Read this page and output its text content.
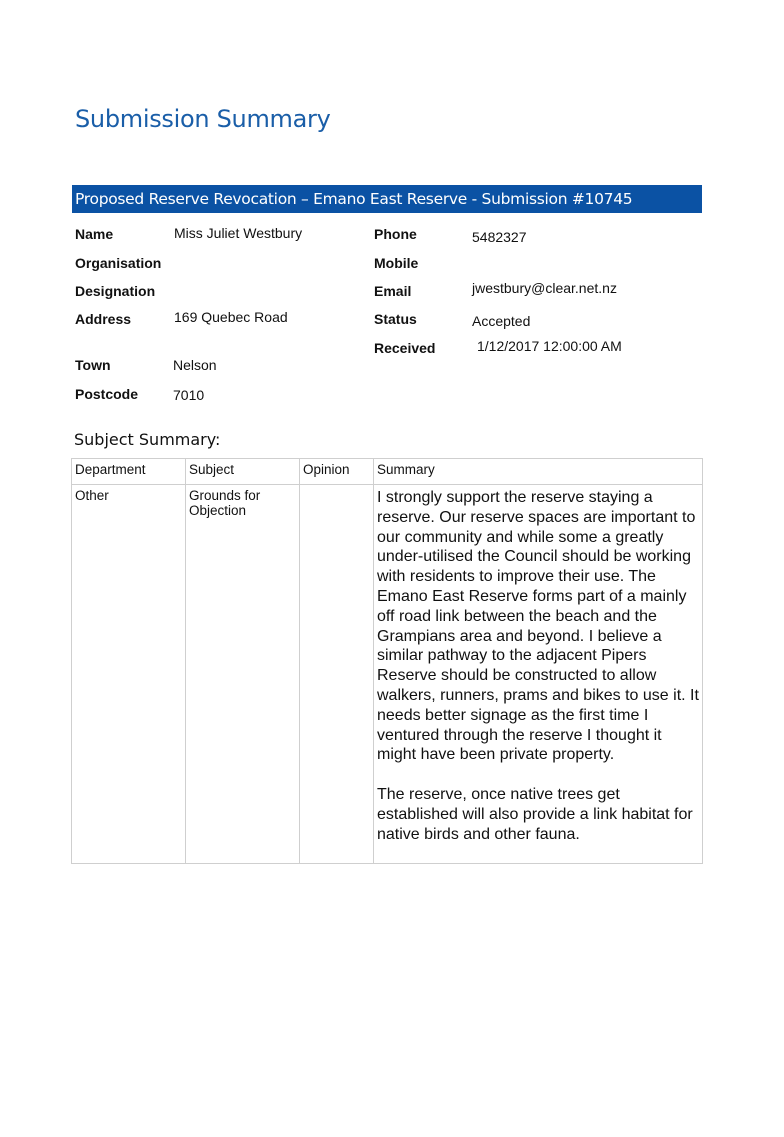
Submission Summary
Proposed Reserve Revocation – Emano East Reserve - Submission #10745
Name	Miss Juliet Westbury
Organisation
Designation
Address	169 Quebec Road
Town	Nelson
Postcode 7010
Phone	5482327
Mobile
Email	jwestbury@clear.net.nz
Status	Accepted
Received	1/12/2017 12:00:00 AM
Subject Summary:
Department	Subject	Opinion	Summary
Other	Grounds for Objection		I strongly support the reserve staying a reserve. Our reserve spaces are important to our community and while some a greatly under-utilised the Council should be working with residents to improve their use. The Emano East Reserve forms part of a mainly off road link between the beach and the Grampians area and beyond. I believe a similar pathway to the adjacent Pipers Reserve should be constructed to allow walkers, runners, prams and bikes to use it. It needs better signage as the first time I ventured through the reserve I thought it might have been private property.

The reserve, once native trees get established will also provide a link habitat for native birds and other fauna.
